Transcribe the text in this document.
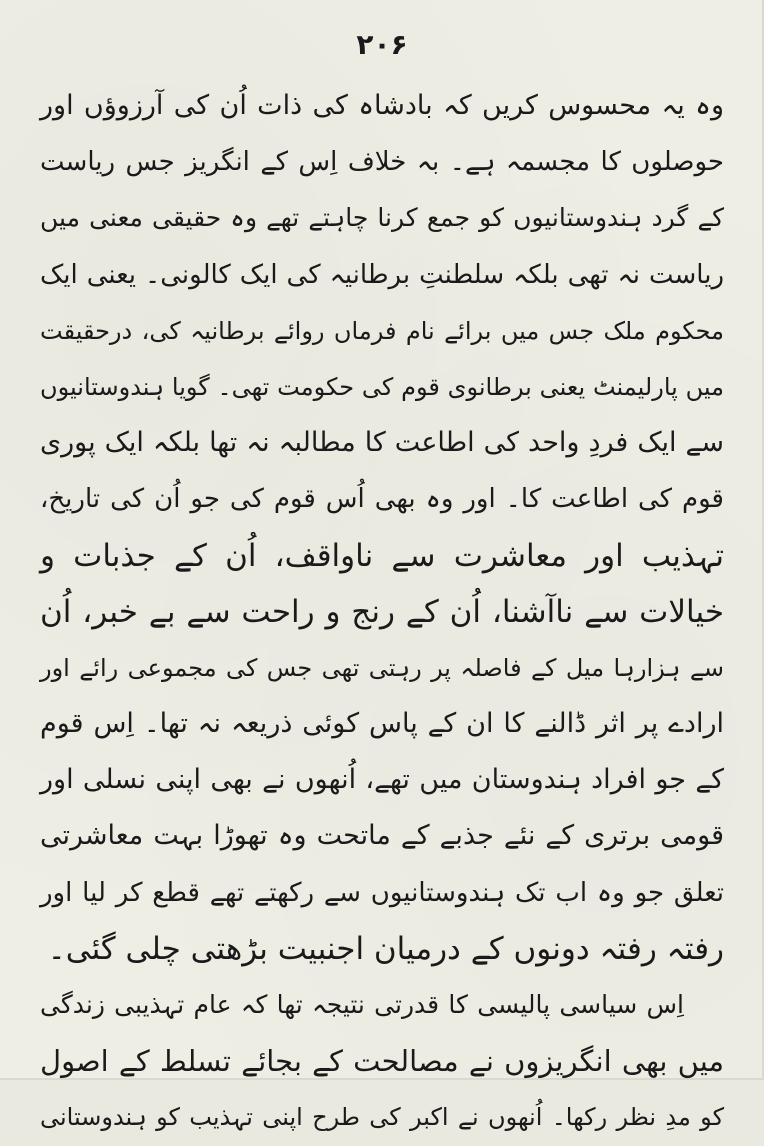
۲۰۶
وہ یہ محسوس کریں کہ بادشاہ کی ذات اُن کی آرزوؤں اور
حوصلوں کا مجسمہ ہے۔ بہ خلاف اِس کے انگریز جس ریاست
کے گرد ہندوستانیوں کو جمع کرنا چاہتے تھے وہ حقیقی معنی میں
ریاست نہ تھی بلکہ سلطنتِ برطانیہ کی ایک کالونی۔ یعنی ایک
محکوم ملک جس میں برائے نام فرماں روائے برطانیہ کی، درحقیقت
میں پارلیمنٹ یعنی برطانوی قوم کی حکومت تھی۔ گویا ہندوستانیوں
سے ایک فردِ واحد کی اطاعت کا مطالبہ نہ تھا بلکہ ایک پوری
قوم کی اطاعت کا۔ اور وہ بھی اُس قوم کی جو اُن کی تاریخ،
تہذیب اور معاشرت سے ناواقف، اُن کے جذبات و
خیالات سے ناآشنا، اُن کے رنج و راحت سے بے خبر، اُن
سے ہزارہا میل کے فاصلہ پر رہتی تھی جس کی مجموعی رائے اور
ارادے پر اثر ڈالنے کا ان کے پاس کوئی ذریعہ نہ تھا۔ اِس قوم
کے جو افراد ہندوستان میں تھے، اُنھوں نے بھی اپنی نسلی اور
قومی برتری کے نئے جذبے کے ماتحت وہ تھوڑا بہت معاشرتی
تعلق جو وہ اب تک ہندوستانیوں سے رکھتے تھے قطع کر لیا اور
رفتہ رفتہ دونوں کے درمیان اجنبیت بڑھتی چلی گئی۔
اِس سیاسی پالیسی کا قدرتی نتیجہ تھا کہ عام تہذیبی زندگی
میں بھی انگریزوں نے مصالحت کے بجائے تسلط کے اصول
کو مدِ نظر رکھا۔ اُنھوں نے اکبر کی طرح اپنی تہذیب کو ہندوستانی
